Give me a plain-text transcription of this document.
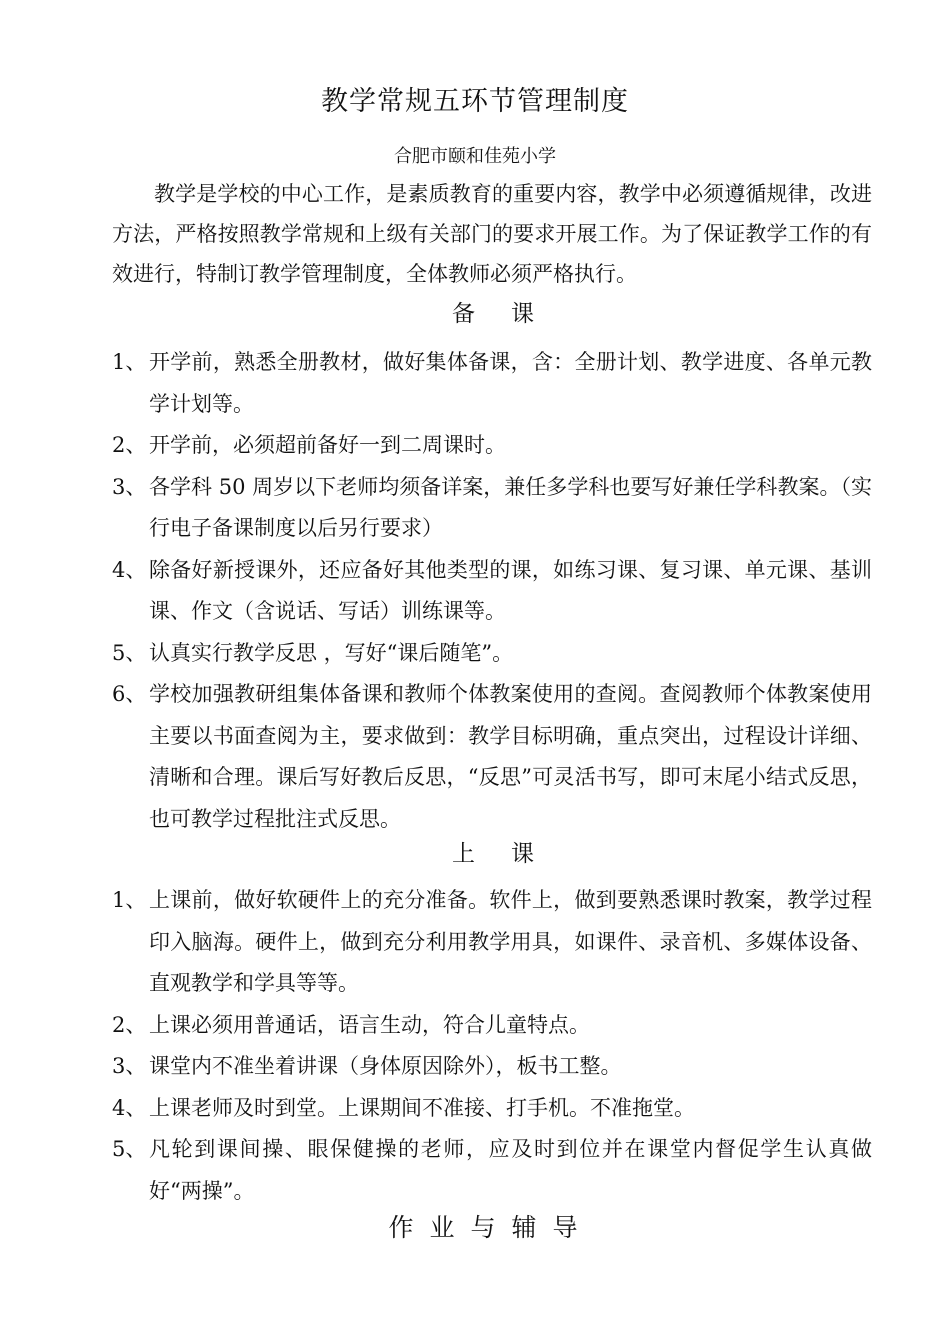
教学常规五环节管理制度
合肥市颐和佳苑小学
教学是学校的中心工作，是素质教育的重要内容，教学中必须遵循规律，改进方法，严格按照教学常规和上级有关部门的要求开展工作。为了保证教学工作的有效进行，特制订教学管理制度，全体教师必须严格执行。
备课
1、 开学前，熟悉全册教材，做好集体备课，含：全册计划、教学进度、各单元教学计划等。
2、 开学前，必须超前备好一到二周课时。
3、 各学科 50 周岁以下老师均须备详案，兼任多学科也要写好兼任学科教案。（实行电子备课制度以后另行要求）
4、 除备好新授课外，还应备好其他类型的课，如练习课、复习课、单元课、基训课、作文（含说话、写话）训练课等。
5、 认真实行教学反思 ，写好“课后随笔”。
6、 学校加强教研组集体备课和教师个体教案使用的查阅。查阅教师个体教案使用主要以书面查阅为主，要求做到：教学目标明确，重点突出，过程设计详细、清晰和合理。课后写好教后反思，“反思”可灵活书写，即可末尾小结式反思，也可教学过程批注式反思。
上课
1、 上课前，做好软硬件上的充分准备。软件上，做到要熟悉课时教案，教学过程印入脑海。硬件上，做到充分利用教学用具，如课件、录音机、多媒体设备、直观教学和学具等等。
2、 上课必须用普通话，语言生动，符合儿童特点。
3、 课堂内不准坐着讲课（身体原因除外），板书工整。
4、 上课老师及时到堂。上课期间不准接、打手机。不准拖堂。
5、 凡轮到课间操、眼保健操的老师，应及时到位并在课堂内督促学生认真做好“两操”。
作业与辅导
